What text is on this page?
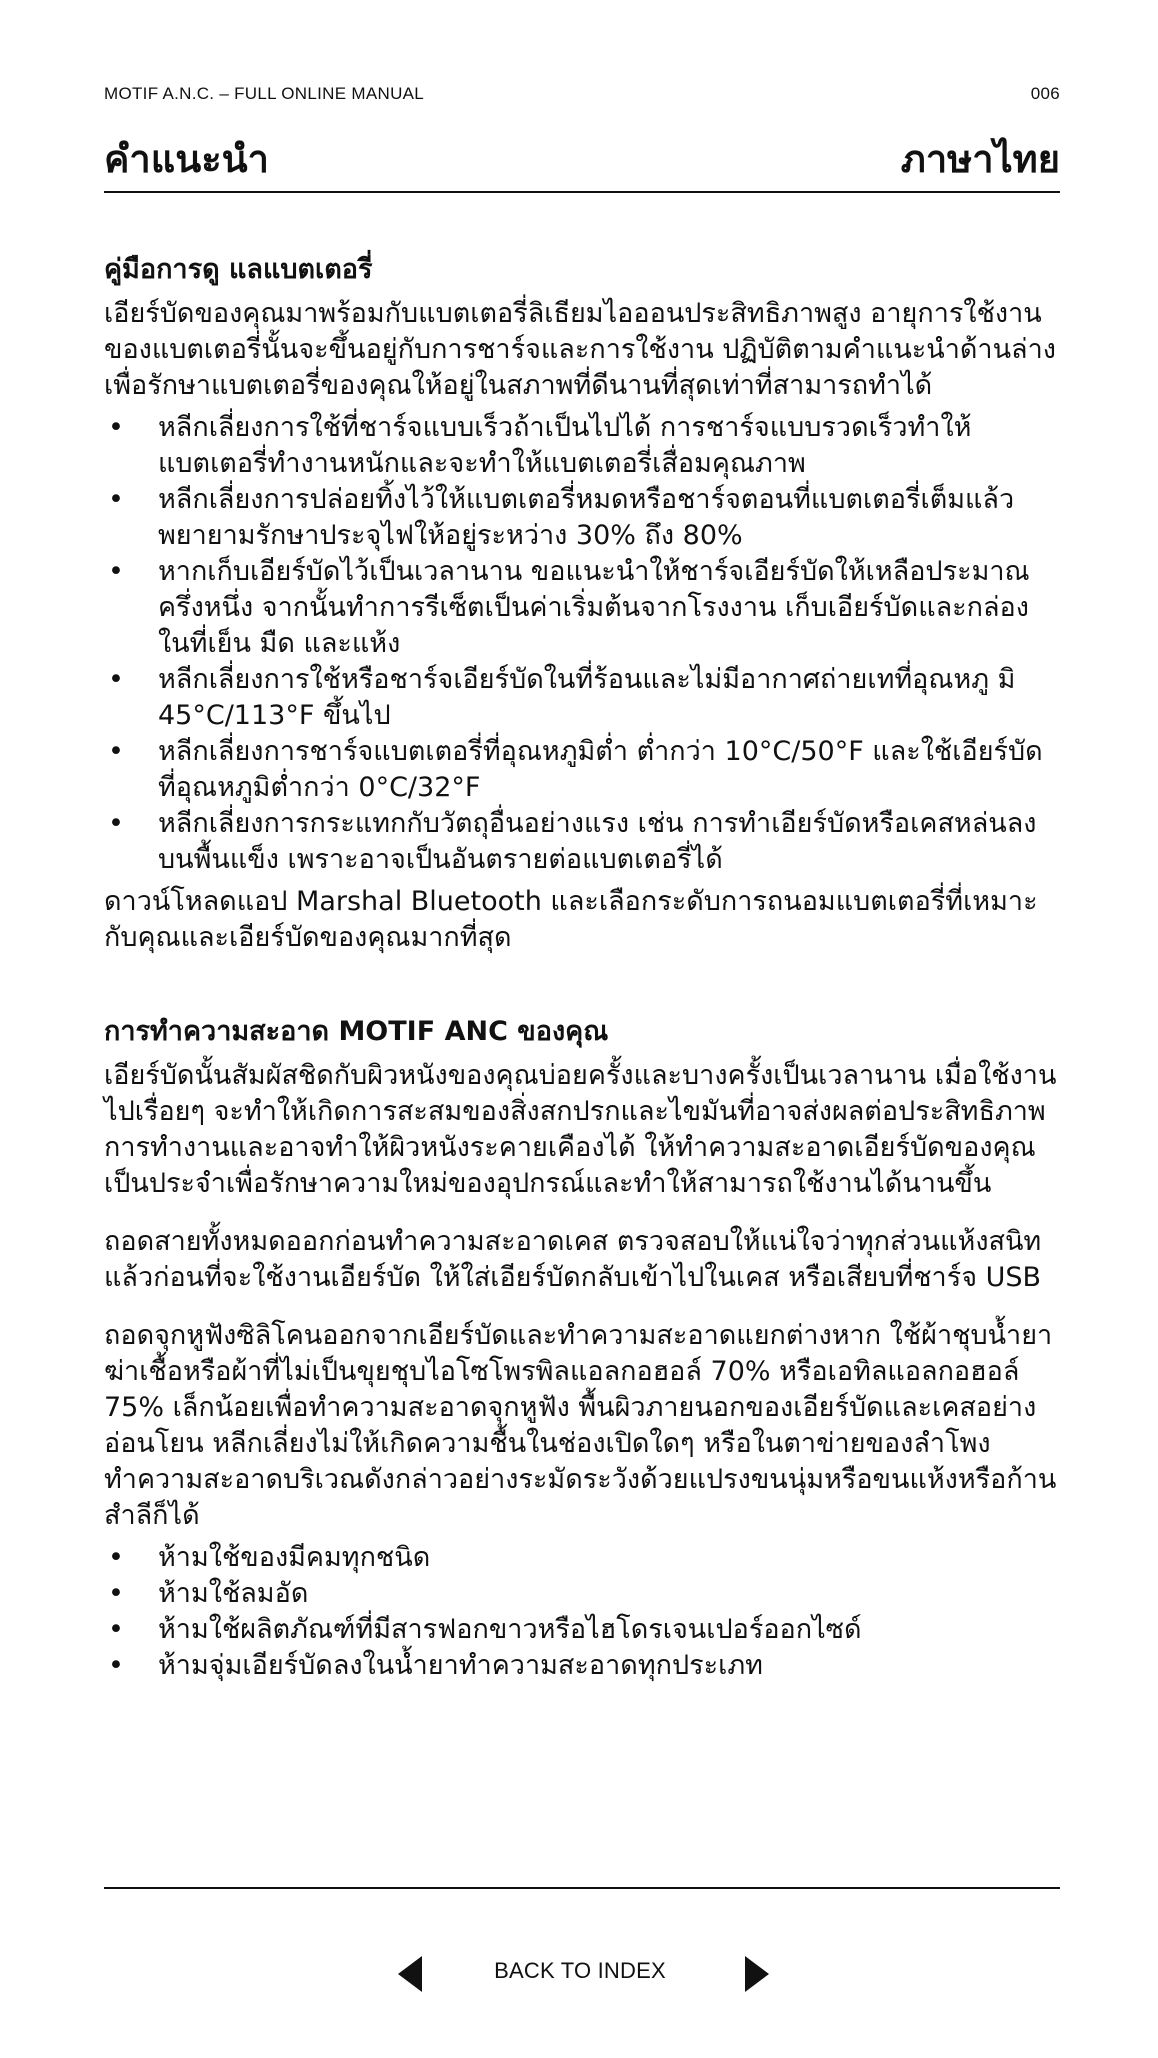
MOTIF A.N.C. – FULL ONLINE MANUAL	006
คำแนะนำ	ภาษาไทย
คู่มือการดู แลแบตเตอรี่

เอียร์บัดของคุณมาพร้อมกับแบตเตอรี่ลิเธียมไอออนประสิทธิภาพสูง อายุการใช้งานของแบตเตอรี่นั้นจะขึ้นอยู่กับการชาร์จและการใช้งาน ปฏิบัติตามคำแนะนำด้านล่างเพื่อรักษาแบตเตอรี่ของคุณให้อยู่ในสภาพที่ดีนานที่สุดเท่าที่สามารถทำได้

• หลีกเลี่ยงการใช้ที่ชาร์จแบบเร็วถ้าเป็นไปได้ การชาร์จแบบรวดเร็วทำให้แบตเตอรี่ทำงานหนักและจะทำให้แบตเตอรี่เสื่อมคุณภาพ
• หลีกเลี่ยงการปล่อยทิ้งไว้ให้แบตเตอรี่หมดหรือชาร์จตอนที่แบตเตอรี่เต็มแล้ว พยายามรักษาประจุไฟให้อยู่ระหว่าง 30% ถึง 80%
• หากเก็บเอียร์บัดไว้เป็นเวลานาน ขอแนะนำให้ชาร์จเอียร์บัดให้เหลือประมาณครึ่งหนึ่ง จากนั้นทำการรีเซ็ตเป็นค่าเริ่มต้นจากโรงงาน เก็บเอียร์บัดและกล่องในที่เย็น มืด และแห้ง
• หลีกเลี่ยงการใช้หรือชาร์จเอียร์บัดในที่ร้อนและไม่มีอากาศถ่ายเทที่อุณหภู มิ 45°C/113°F ขึ้นไป
• หลีกเลี่ยงการชาร์จแบตเตอรี่ที่อุณหภูมิต่ำ ต่ำกว่า 10°C/50°F และใช้เอียร์บัดที่อุณหภูมิต่ำกว่า 0°C/32°F
• หลีกเลี่ยงการกระแทกกับวัตถุอื่นอย่างแรง เช่น การทำเอียร์บัดหรือเคสหล่นลงบนพื้นแข็ง เพราะอาจเป็นอันตรายต่อแบตเตอรี่ได้

ดาวน์โหลดแอป Marshal Bluetooth และเลือกระดับการถนอมแบตเตอรี่ที่เหมาะกับคุณและเอียร์บัดของคุณมากที่สุด

การทำความสะอาด MOTIF ANC ของคุณ

เอียร์บัดนั้นสัมผัสชิดกับผิวหนังของคุณบ่อยครั้งและบางครั้งเป็นเวลานาน เมื่อใช้งานไปเรื่อยๆ จะทำให้เกิดการสะสมของสิ่งสกปรกและไขมันที่อาจส่งผลต่อประสิทธิภาพการทำงานและอาจทำให้ผิวหนังระคายเคืองได้ ให้ทำความสะอาดเอียร์บัดของคุณเป็นประจำเพื่อรักษาความใหม่ของอุปกรณ์และทำให้สามารถใช้งานได้นานขึ้น

ถอดสายทั้งหมดออกก่อนทำความสะอาดเคส ตรวจสอบให้แน่ใจว่าทุกส่วนแห้งสนิทแล้วก่อนที่จะใช้งานเอียร์บัด ให้ใส่เอียร์บัดกลับเข้าไปในเคส หรือเสียบที่ชาร์จ USB

ถอดจุกหูฟังซิลิโคนออกจากเอียร์บัดและทำความสะอาดแยกต่างหาก ใช้ผ้าชุบน้ำยาฆ่าเชื้อหรือผ้าที่ไม่เป็นขุยชุบไอโซโพรพิลแอลกอฮอล์ 70% หรือเอทิลแอลกอฮอล์ 75% เล็กน้อยเพื่อทำความสะอาดจุกหูฟัง พื้นผิวภายนอกของเอียร์บัดและเคสอย่างอ่อนโยน หลีกเลี่ยงไม่ให้เกิดความชื้นในช่องเปิดใดๆ หรือในตาข่ายของลำโพง ทำความสะอาดบริเวณดังกล่าวอย่างระมัดระวังด้วยแปรงขนนุ่มหรือขนแห้งหรือก้านสำลีก็ได้

• ห้ามใช้ของมีคมทุกชนิด
• ห้ามใช้ลมอัด
• ห้ามใช้ผลิตภัณฑ์ที่มีสารฟอกขาวหรือไฮโดรเจนเปอร์ออกไซด์
• ห้ามจุ่มเอียร์บัดลงในน้ำยาทำความสะอาดทุกประเภท
BACK TO INDEX
